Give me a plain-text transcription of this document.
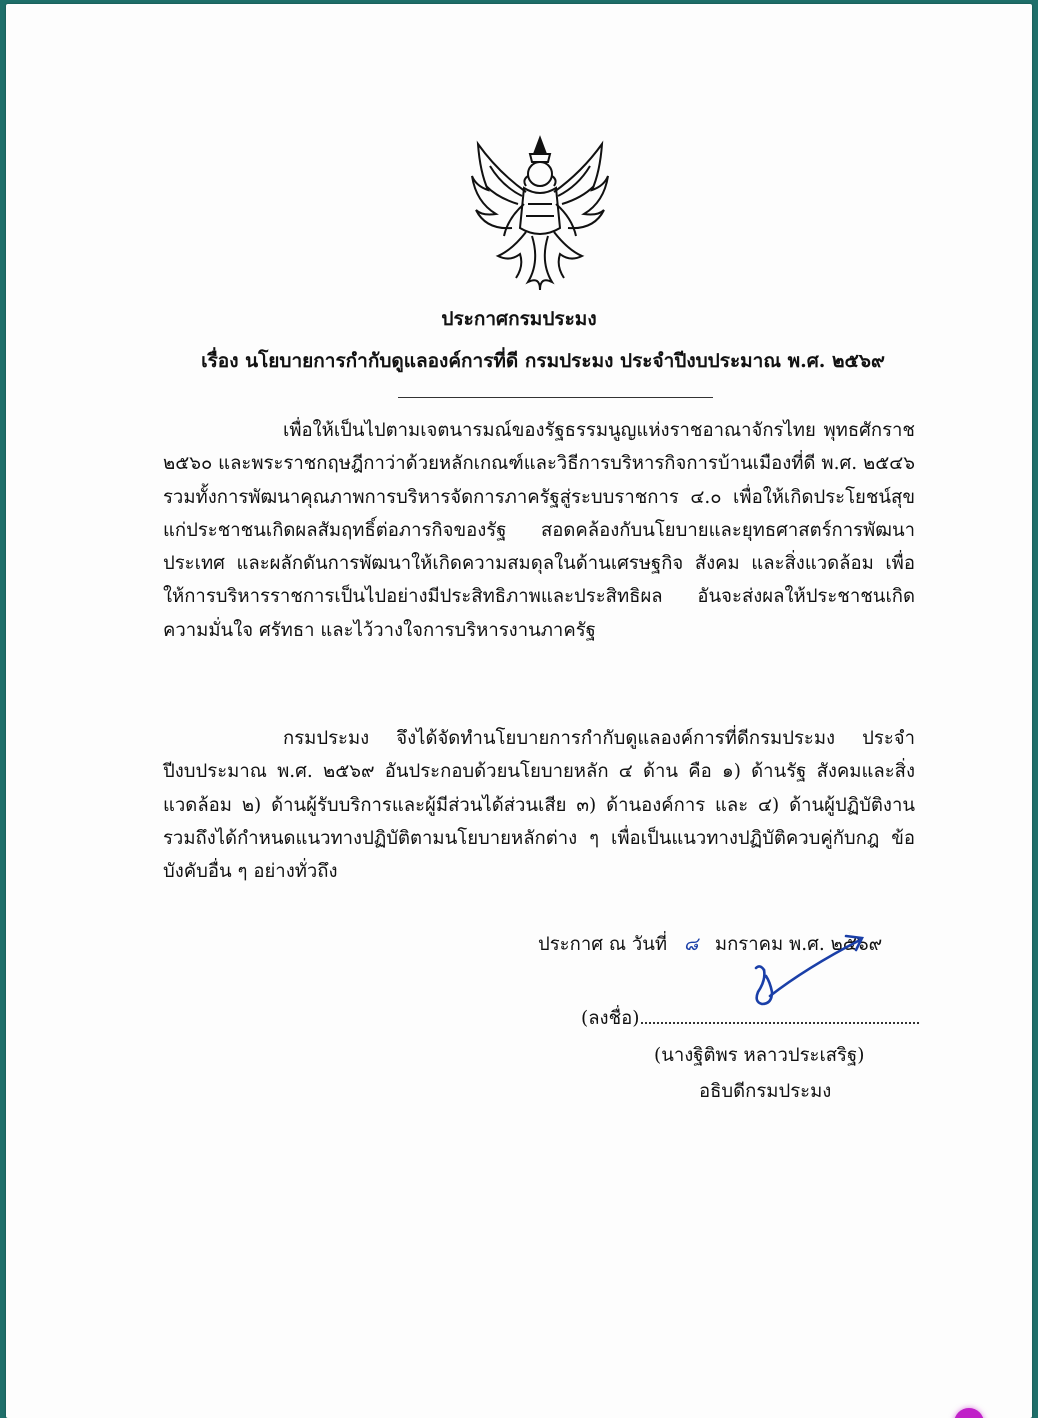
ประกาศกรมประมง
เรื่อง นโยบายการกำกับดูแลองค์การที่ดี กรมประมง ประจำปีงบประมาณ พ.ศ. ๒๕๖๙

เพื่อให้เป็นไปตามเจตนารมณ์ของรัฐธรรมนูญแห่งราชอาณาจักรไทย พุทธศักราช ๒๕๖๐ และพระราชกฤษฎีกาว่าด้วยหลักเกณฑ์และวิธีการบริหารกิจการบ้านเมืองที่ดี พ.ศ. ๒๕๔๖ รวมทั้งการพัฒนาคุณภาพการบริหารจัดการภาครัฐสู่ระบบราชการ ๔.๐ เพื่อให้เกิดประโยชน์สุขแก่ประชาชนเกิดผลสัมฤทธิ์ต่อภารกิจของรัฐ สอดคล้องกับนโยบายและยุทธศาสตร์การพัฒนาประเทศ และผลักดันการพัฒนาให้เกิดความสมดุลในด้านเศรษฐกิจ สังคม และสิ่งแวดล้อม เพื่อให้การบริหารราชการเป็นไปอย่างมีประสิทธิภาพและประสิทธิผล อันจะส่งผลให้ประชาชนเกิดความมั่นใจ ศรัทธา และไว้วางใจการบริหารงานภาครัฐ

กรมประมง จึงได้จัดทำนโยบายการกำกับดูแลองค์การที่ดีกรมประมง ประจำปีงบประมาณ พ.ศ. ๒๕๖๙ อันประกอบด้วยนโยบายหลัก ๔ ด้าน คือ ๑) ด้านรัฐ สังคมและสิ่งแวดล้อม ๒) ด้านผู้รับบริการและผู้มีส่วนได้ส่วนเสีย ๓) ด้านองค์การ และ ๔) ด้านผู้ปฏิบัติงาน รวมถึงได้กำหนดแนวทางปฏิบัติตามนโยบายหลักต่าง ๆ เพื่อเป็นแนวทางปฏิบัติควบคู่กับกฎ ข้อบังคับอื่น ๆ อย่างทั่วถึง

ประกาศ ณ วันที่ ๘ มกราคม พ.ศ. ๒๕๖๙
(ลงชื่อ)
(นางฐิติพร หลาวประเสริฐ)
อธิบดีกรมประมง
